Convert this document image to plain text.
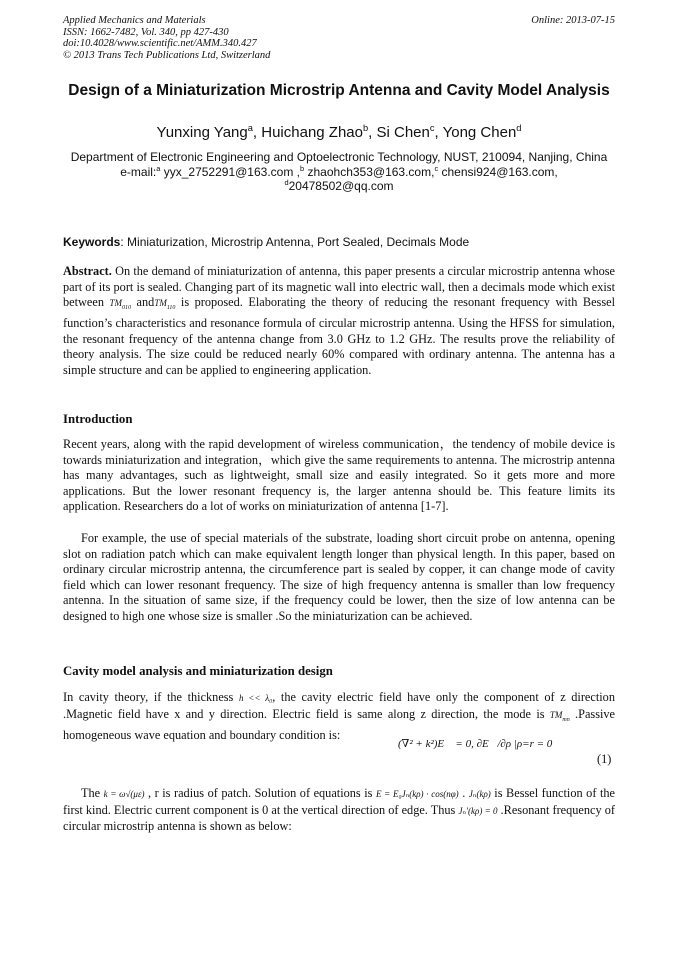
Applied Mechanics and Materials
ISSN: 1662-7482, Vol. 340, pp 427-430
doi:10.4028/www.scientific.net/AMM.340.427
© 2013 Trans Tech Publications Ltd, Switzerland
Online: 2013-07-15
Design of a Miniaturization Microstrip Antenna and Cavity Model Analysis
Yunxing Yang$^a$, Huichang Zhao$^b$, Si Chen$^c$, Yong Chen$^d$
Department of Electronic Engineering and Optoelectronic Technology, NUST, 210094, Nanjing, China
e-mail:$^a$ yyx_2752291@163.com ,$^b$ zhaohch353@163.com,$^c$ chensi924@163.com,
$^d$20478502@qq.com
Keywords: Miniaturization, Microstrip Antenna, Port Sealed, Decimals Mode
Abstract. On the demand of miniaturization of antenna, this paper presents a circular microstrip antenna whose part of its port is sealed. Changing part of its magnetic wall into electric wall, then a decimals mode which exist between $TM_{010}$ andTM$_{110}$ is proposed. Elaborating the theory of reducing the resonant frequency with Bessel function’s characteristics and resonance formula of circular microstrip antenna. Using the HFSS for simulation, the resonant frequency of the antenna change from 3.0 GHz to 1.2 GHz. The results prove the reliability of theory analysis. The size could be reduced nearly 60% compared with ordinary antenna. The antenna has a simple structure and can be applied to engineering application.
Introduction
Recent years, along with the rapid development of wireless communication，the tendency of mobile device is towards miniaturization and integration，which give the same requirements to antenna. The microstrip antenna has many advantages, such as lightweight, small size and easily integrated. So it gets more and more applications. But the lower resonant frequency is, the larger antenna should be. This feature limits its application. Researchers do a lot of works on miniaturization of antenna [1-7].
For example, the use of special materials of the substrate, loading short circuit probe on antenna, opening slot on radiation patch which can make equivalent length longer than physical length. In this paper, based on ordinary circular microstrip antenna, the circumference part is sealed by copper, it can change mode of cavity field which can lower resonant frequency. The size of high frequency antenna is smaller than low frequency antenna. In the situation of same size, if the frequency could be lower, then the size of low antenna can be designed to high one whose size is smaller .So the miniaturization can be achieved.
Cavity model analysis and miniaturization design
In cavity theory, if the thickness h << λ₀, the cavity electric field have only the component of z direction .Magnetic field have x and y direction. Electric field is same along z direction, the mode is $TM_{mn}$ .Passive homogeneous wave equation and boundary condition is:
(∇² + k²)E⃗ = 0, ∂E⃗/∂ρ |ρ=r = 0
(1)
The k = ω√(με) , r is radius of patch. Solution of equations is E = E₀Jₙ(kρ) · cos(nφ) . Jₙ(kρ) is Bessel function of the first kind. Electric current component is 0 at the vertical direction of edge. Thus Jₙ′(kρ) = 0 .Resonant frequency of circular microstrip antenna is shown as below:
